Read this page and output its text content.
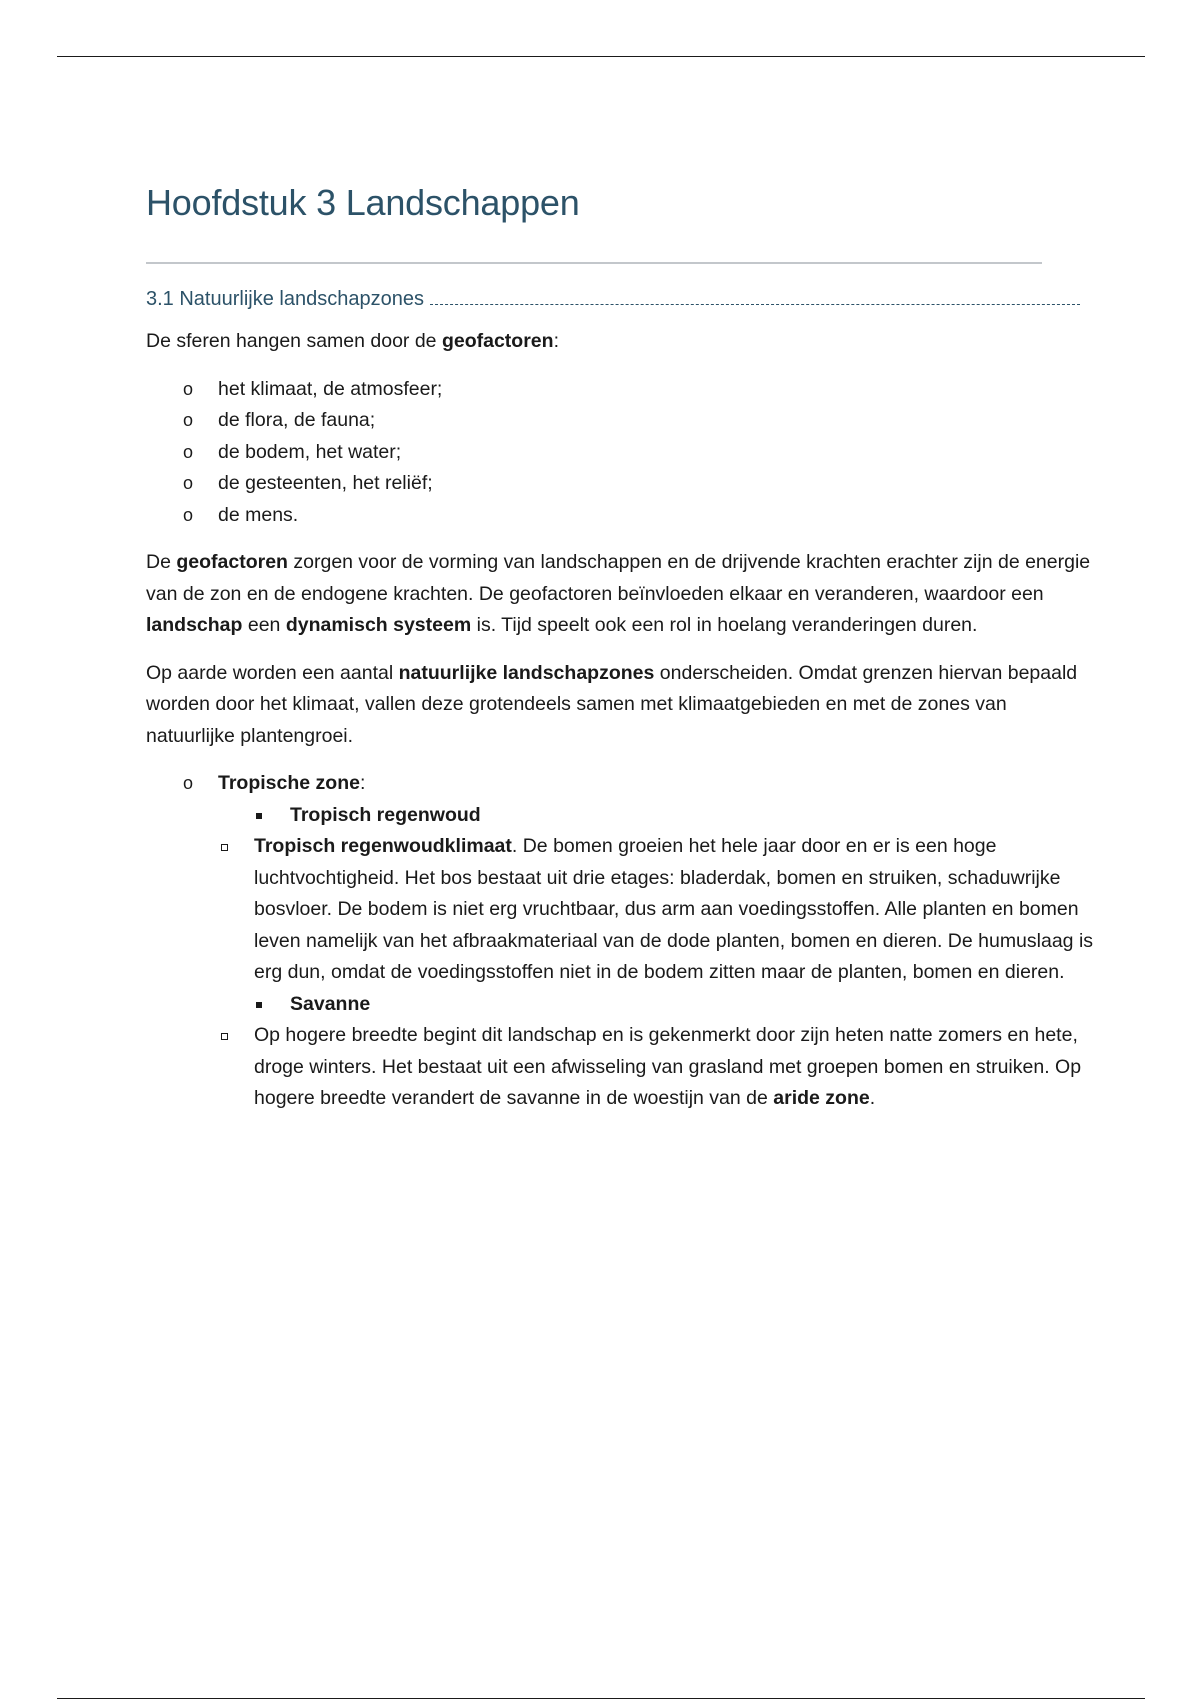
Hoofdstuk 3 Landschappen
3.1 Natuurlijke landschapzones

De sferen hangen samen door de geofactoren:

o het klimaat, de atmosfeer;
o de flora, de fauna;
o de bodem, het water;
o de gesteenten, het reliëf;
o de mens.

De geofactoren zorgen voor de vorming van landschappen en de drijvende krachten erachter zijn de energie van de zon en de endogene krachten. De geofactoren beïnvloeden elkaar en veranderen, waardoor een landschap een dynamisch systeem is. Tijd speelt ook een rol in hoelang veranderingen duren.

Op aarde worden een aantal natuurlijke landschapzones onderscheiden. Omdat grenzen hiervan bepaald worden door het klimaat, vallen deze grotendeels samen met klimaatgebieden en met de zones van natuurlijke plantengroei.

o Tropische zone:
Tropisch regenwoud
Tropisch regenwoudklimaat. De bomen groeien het hele jaar door en er is een hoge luchtvochtigheid. Het bos bestaat uit drie etages: bladerdak, bomen en struiken, schaduwrijke bosvloer. De bodem is niet erg vruchtbaar, dus arm aan voedingsstoffen. Alle planten en bomen leven namelijk van het afbraakmateriaal van de dode planten, bomen en dieren. De humuslaag is erg dun, omdat de voedingsstoffen niet in de bodem zitten maar de planten, bomen en dieren.
Savanne
Op hogere breedte begint dit landschap en is gekenmerkt door zijn heten natte zomers en hete, droge winters. Het bestaat uit een afwisseling van grasland met groepen bomen en struiken. Op hogere breedte verandert de savanne in de woestijn van de aride zone.
